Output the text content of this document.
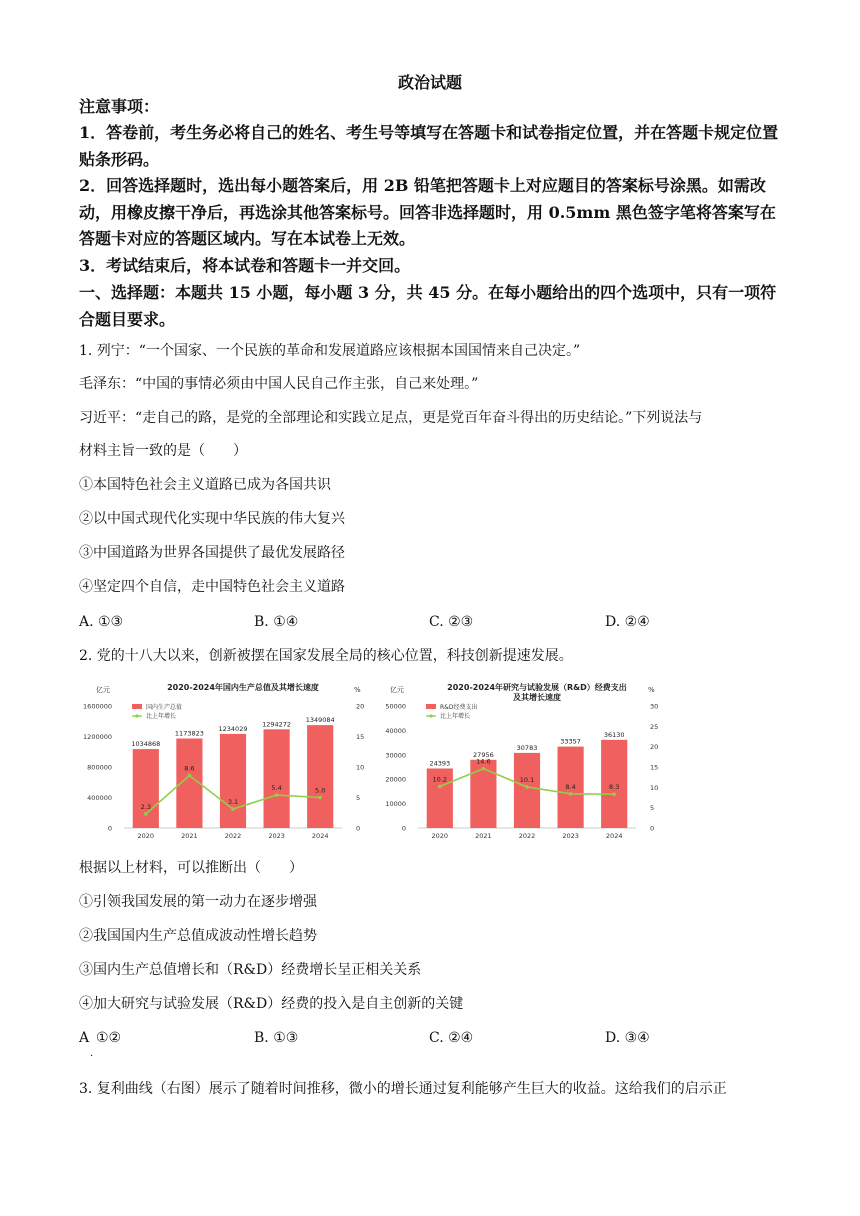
政治试题
注意事项：
1．答卷前，考生务必将自己的姓名、考生号等填写在答题卡和试卷指定位置，并在答题卡规定位置贴条形码。
2．回答选择题时，选出每小题答案后，用 2B 铅笔把答题卡上对应题目的答案标号涂黑。如需改动，用橡皮擦干净后，再选涂其他答案标号。回答非选择题时，用 0.5mm 黑色签字笔将答案写在答题卡对应的答题区域内。写在本试卷上无效。
3．考试结束后，将本试卷和答题卡一并交回。
一、选择题：本题共 15 小题，每小题 3 分，共 45 分。在每小题给出的四个选项中，只有一项符合题目要求。
1. 列宁：“一个国家、一个民族的革命和发展道路应该根据本国国情来自己决定。”
毛泽东：“中国的事情必须由中国人民自己作主张，自己来处理。”
习近平：“走自己的路，是党的全部理论和实践立足点，更是党百年奋斗得出的历史结论。”下列说法与
材料主旨一致的是（　　）
①本国特色社会主义道路已成为各国共识
②以中国式现代化实现中华民族的伟大复兴
③中国道路为世界各国提供了最优发展路径
④坚定四个自信，走中国特色社会主义道路
A. ①③	B. ①④	C. ②③	D. ②④
2. 党的十八大以来，创新被摆在国家发展全局的核心位置，科技创新提速发展。
2020-2024年国内生产总值及其增长速度
亿元	%
0
400000
800000
1200000
1600000
0
5
10
15
20
1034868
1173823
1234029
1294272
1349084
2020	2021	2022	2023	2024
2.3
8.6
3.1
5.4	5.0
国内生产总值
比上年增长
2020-2024年研究与试验发展（R&D）经费支出
及其增长速度
亿元	%
0
10000
20000
30000
40000
50000
0
5
10
15
20
25
30
24393
27956
30783
33357
36130
2020	2021	2022	2023	2024
10.2
14.6
10.1
8.4	8.3
R&D经费支出
比上年增长
根据以上材料，可以推断出（　　）
①引领我国发展的第一动力在逐步增强
②我国国内生产总值成波动性增长趋势
③国内生产总值增长和（R&D）经费增长呈正相关关系
④加大研究与试验发展（R&D）经费的投入是自主创新的关键
A ①②
．
B. ①③	C. ②④	D. ③④
3. 复利曲线（右图）展示了随着时间推移，微小的增长通过复利能够产生巨大的收益。这给我们的启示正
